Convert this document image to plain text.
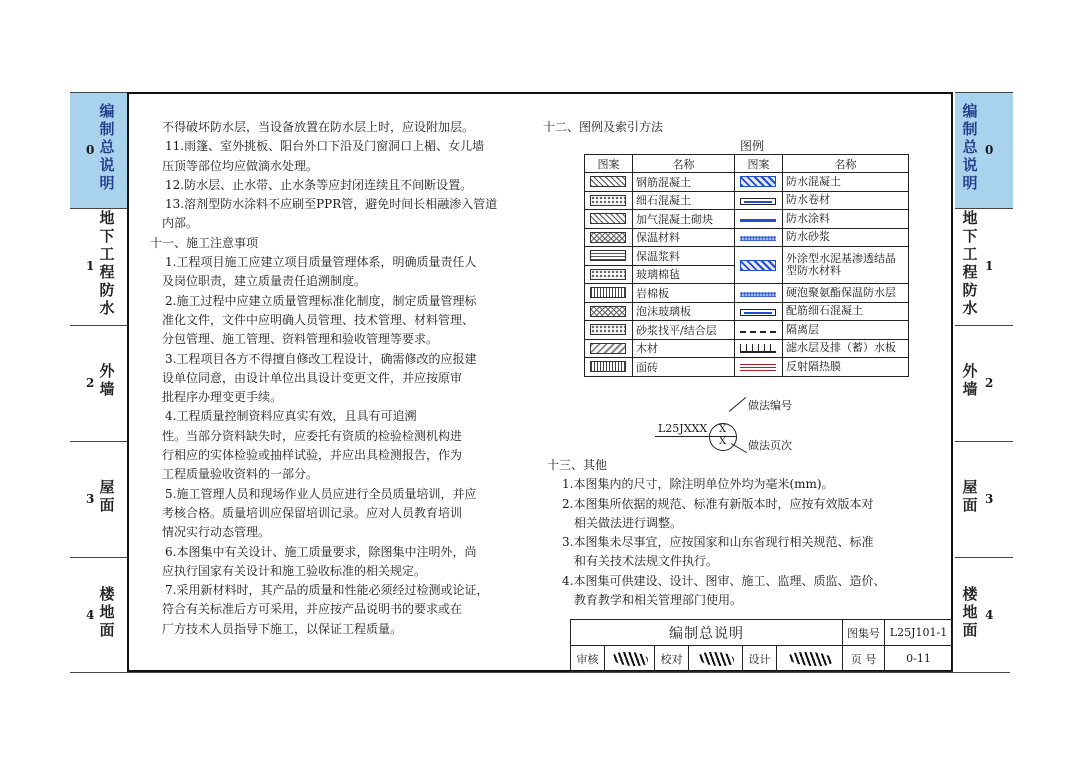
编制总说明
0
地下工程防水
1
外墙
2
屋面
3
楼地面
4
编制总说明
0
地下工程防水
1
外墙 2
屋面 3
楼地面
4

不得破坏防水层，当设备放置在防水层上时，应设附加层。

11.雨篷、室外挑板、阳台外口下沿及门窗洞口上楣、女儿墙

压顶等部位均应做滴水处理。

12.防水层、止水带、止水条等应封闭连续且不间断设置。

13.溶剂型防水涂料不应刷至PPR管，避免时间长相融渗入管道

内部。

十一、施工注意事项

1.工程项目施工应建立项目质量管理体系，明确质量责任人

及岗位职责，建立质量责任追溯制度。

2.施工过程中应建立质量管理标准化制度，制定质量管理标

准化文件，文件中应明确人员管理、技术管理、材料管理、

分包管理、施工管理、资料管理和验收管理等要求。

3.工程项目各方不得擅自修改工程设计，确需修改的应报建

设单位同意，由设计单位出具设计变更文件，并应按原审

批程序办理变更手续。

4.工程质量控制资料应真实有效，且具有可追溯

性。当部分资料缺失时，应委托有资质的检验检测机构进

行相应的实体检验或抽样试验，并应出具检测报告，作为

工程质量验收资料的一部分。

5.施工管理人员和现场作业人员应进行全员质量培训，并应

考核合格。质量培训应保留培训记录。应对人员教育培训

情况实行动态管理。

6.本图集中有关设计、施工质量要求，除图集中注明外，尚

应执行国家有关设计和施工验收标准的相关规定。

7.采用新材料时，其产品的质量和性能必须经过检测或论证，

符合有关标准后方可采用，并应按产品说明书的要求或在

厂方技术人员指导下施工，以保证工程质量。

十二、图例及索引方法

图例
图案	名称	图案	名称

	钢筋混凝土		防水混凝土

	细石混凝土		防水卷材

	加气混凝土砌块		防水涂料

	保温材料		防水砂浆

	保温浆料		外涂型水泥基渗透结晶型防水材料

	玻璃棉毡		

	岩棉板		硬泡聚氨酯保温防水层

	泡沫玻璃板		配筋细石混凝土

	砂浆找平/结合层		隔离层

	木材		滤水层及排（蓄）水板

	面砖		反射隔热膜
做法编号
L25JXXX X
X 做法页次

十三、其他

1.本图集内的尺寸，除注明单位外均为毫米(mm)。

2.本图集所依据的规范、标准有新版本时，应按有效版本对

相关做法进行调整。

3.本图集未尽事宜，应按国家和山东省现行相关规范、标准

和有关技术法规文件执行。

4.本图集可供建设、设计、图审、施工、监理、质监、造价、

教育教学和相关管理部门使用。

编制总说明						图集号	L25J101-1
审核		校对		设计		页 号	0-11
